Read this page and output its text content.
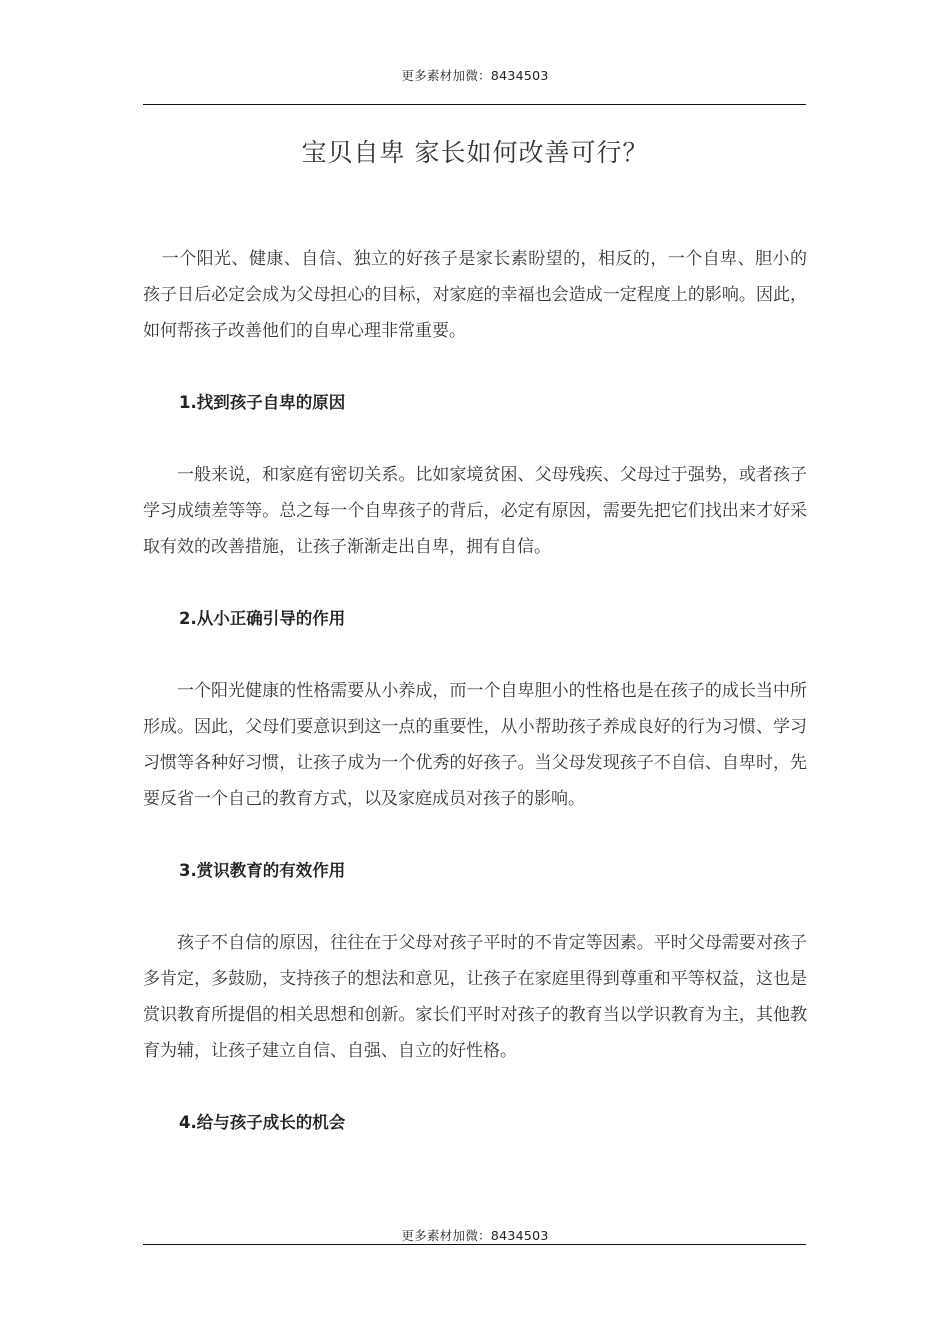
更多素材加微：8434503
宝贝自卑 家长如何改善可行？

一个阳光、健康、自信、独立的好孩子是家长素盼望的，相反的，一个自卑、胆小的孩子日后必定会成为父母担心的目标，对家庭的幸福也会造成一定程度上的影响。因此，如何帮孩子改善他们的自卑心理非常重要。

1.找到孩子自卑的原因

一般来说，和家庭有密切关系。比如家境贫困、父母残疾、父母过于强势，或者孩子学习成绩差等等。总之每一个自卑孩子的背后，必定有原因，需要先把它们找出来才好采取有效的改善措施，让孩子渐渐走出自卑，拥有自信。

2.从小正确引导的作用

一个阳光健康的性格需要从小养成，而一个自卑胆小的性格也是在孩子的成长当中所形成。因此，父母们要意识到这一点的重要性，从小帮助孩子养成良好的行为习惯、学习习惯等各种好习惯，让孩子成为一个优秀的好孩子。当父母发现孩子不自信、自卑时，先要反省一个自己的教育方式，以及家庭成员对孩子的影响。

3.赏识教育的有效作用

孩子不自信的原因，往往在于父母对孩子平时的不肯定等因素。平时父母需要对孩子多肯定，多鼓励，支持孩子的想法和意见，让孩子在家庭里得到尊重和平等权益，这也是赏识教育所提倡的相关思想和创新。家长们平时对孩子的教育当以学识教育为主，其他教育为辅，让孩子建立自信、自强、自立的好性格。

4.给与孩子成长的机会

更多素材加微：8434503
